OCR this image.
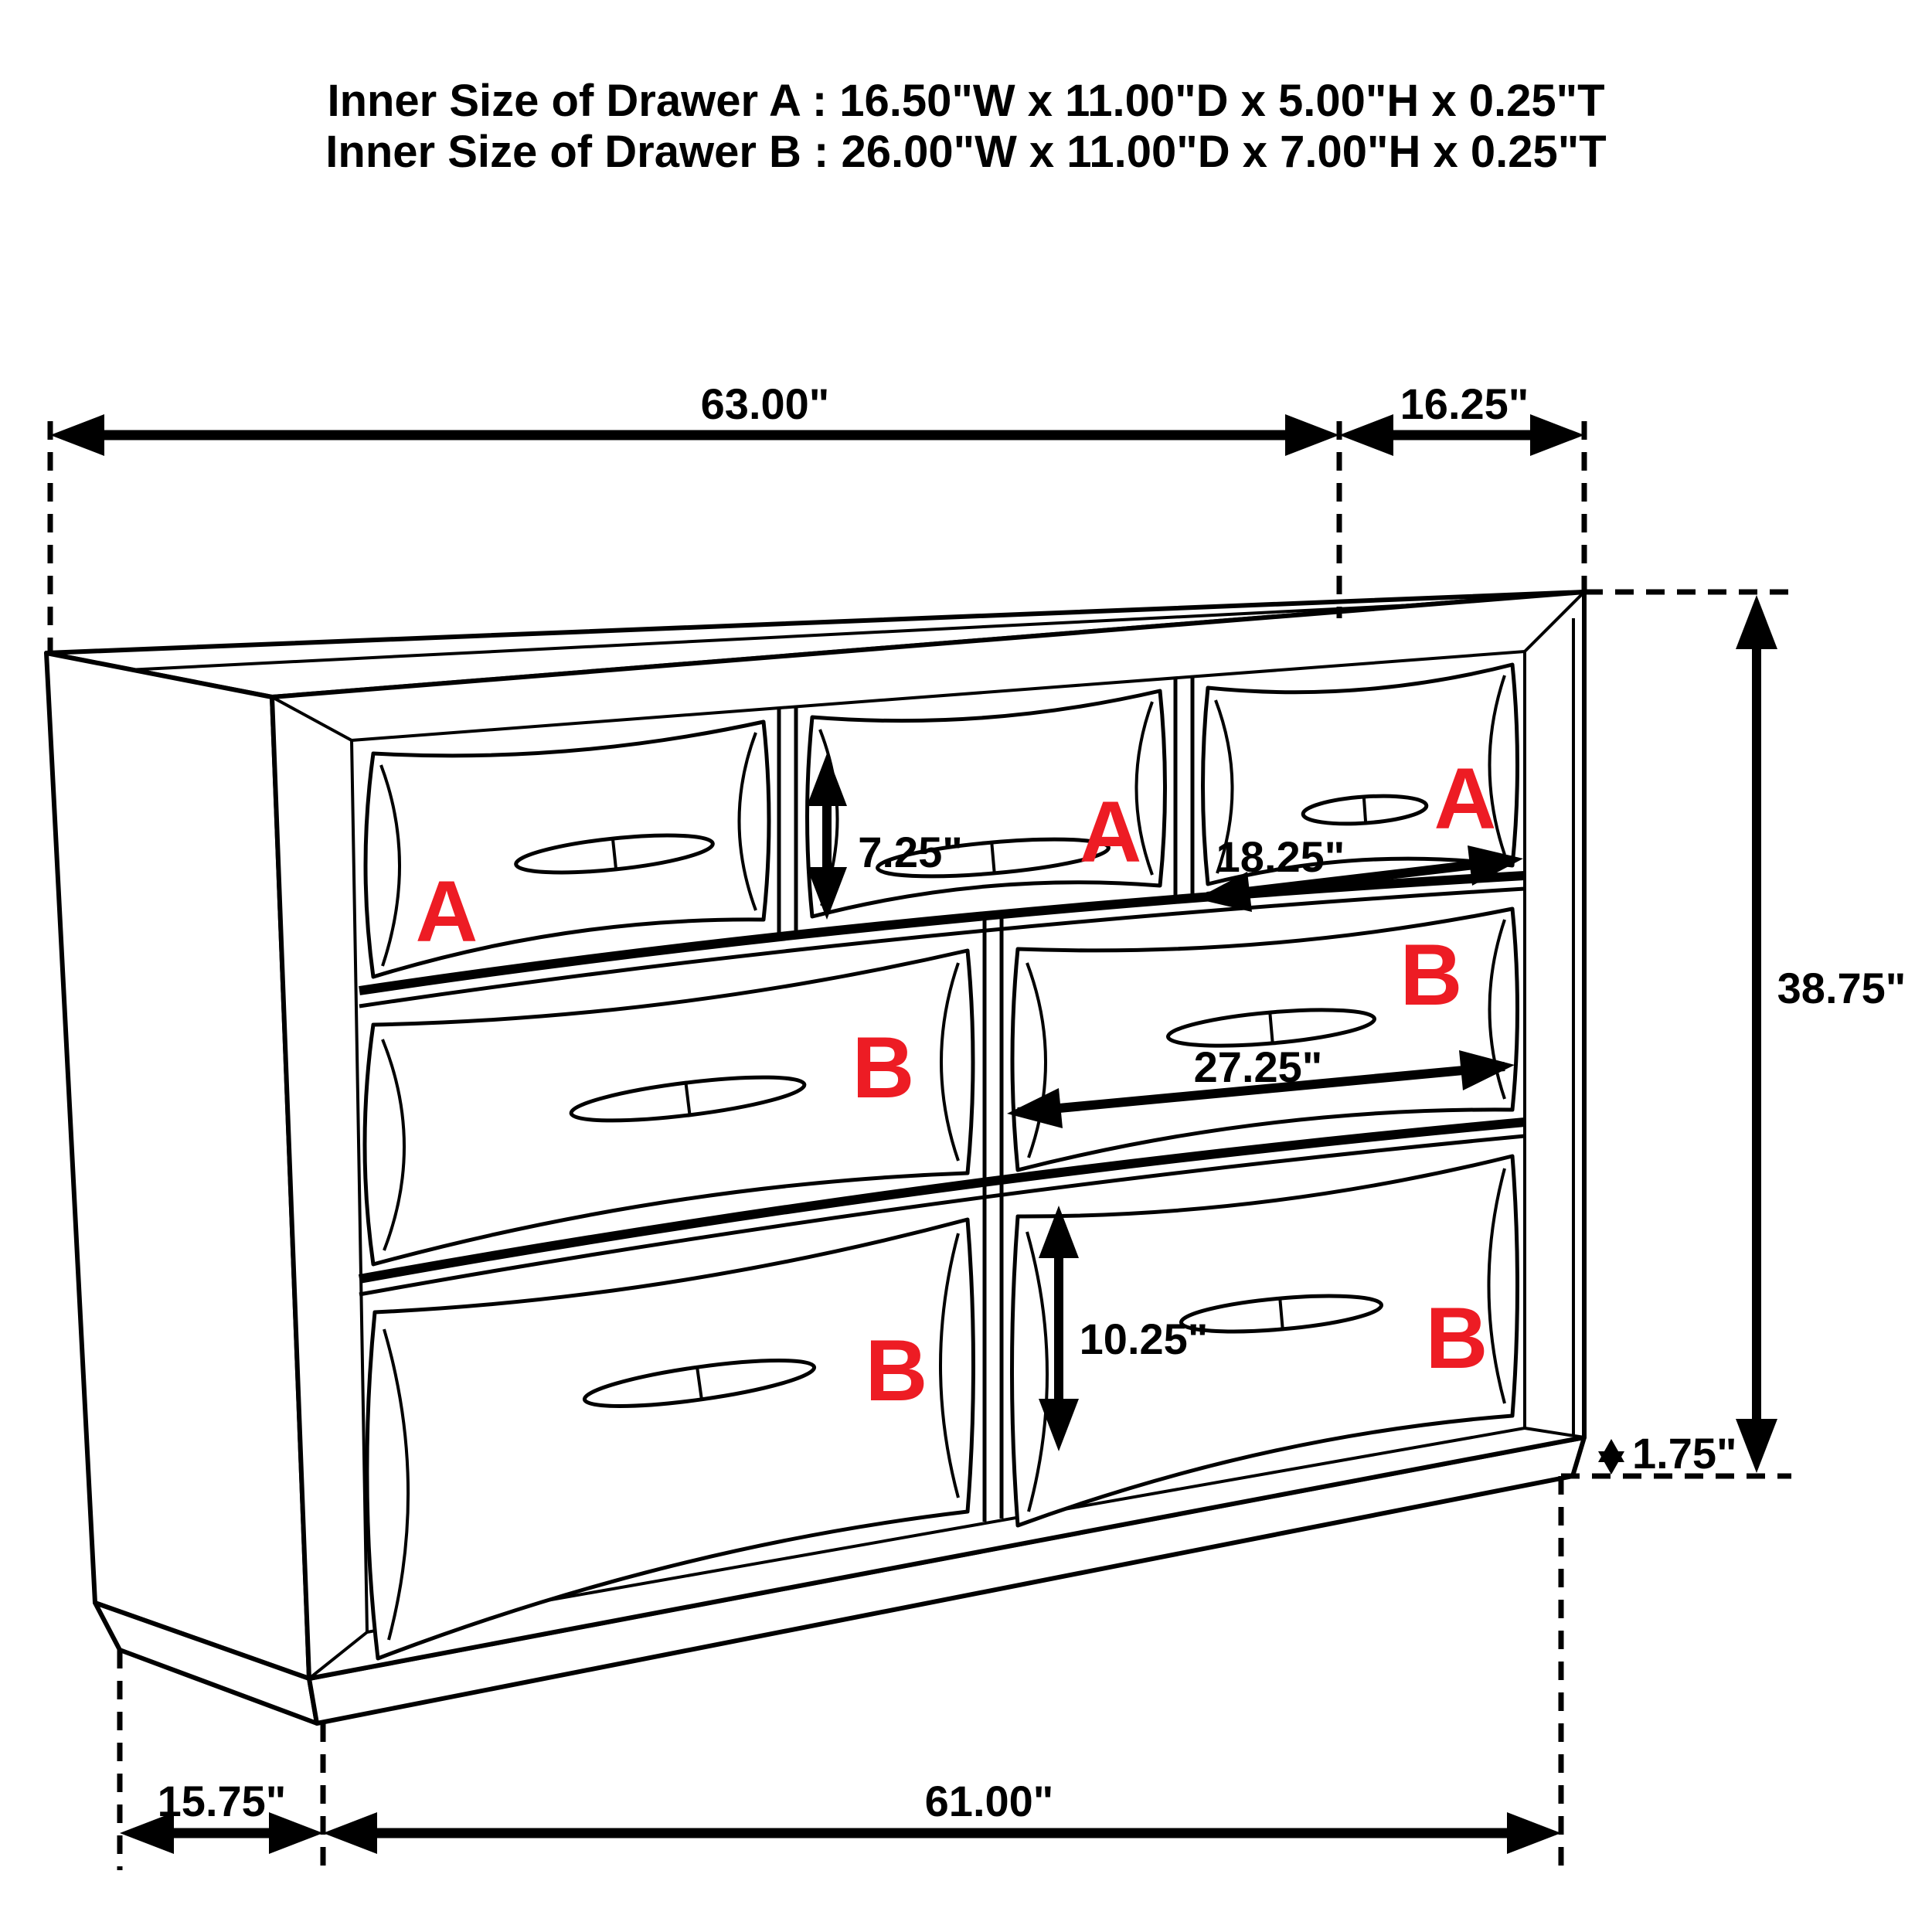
Inner Size of Drawer A : 16.50"W x 11.00"D x 5.00"H x 0.25"T
Inner Size of Drawer B : 26.00"W x 11.00"D x 7.00"H x 0.25"T
63.00"	16.25"
38.75"
7.25"	18.25"
27.25"
10.25"
1.75"
15.75"	61.00"
A
A	A
B
B
B	B
